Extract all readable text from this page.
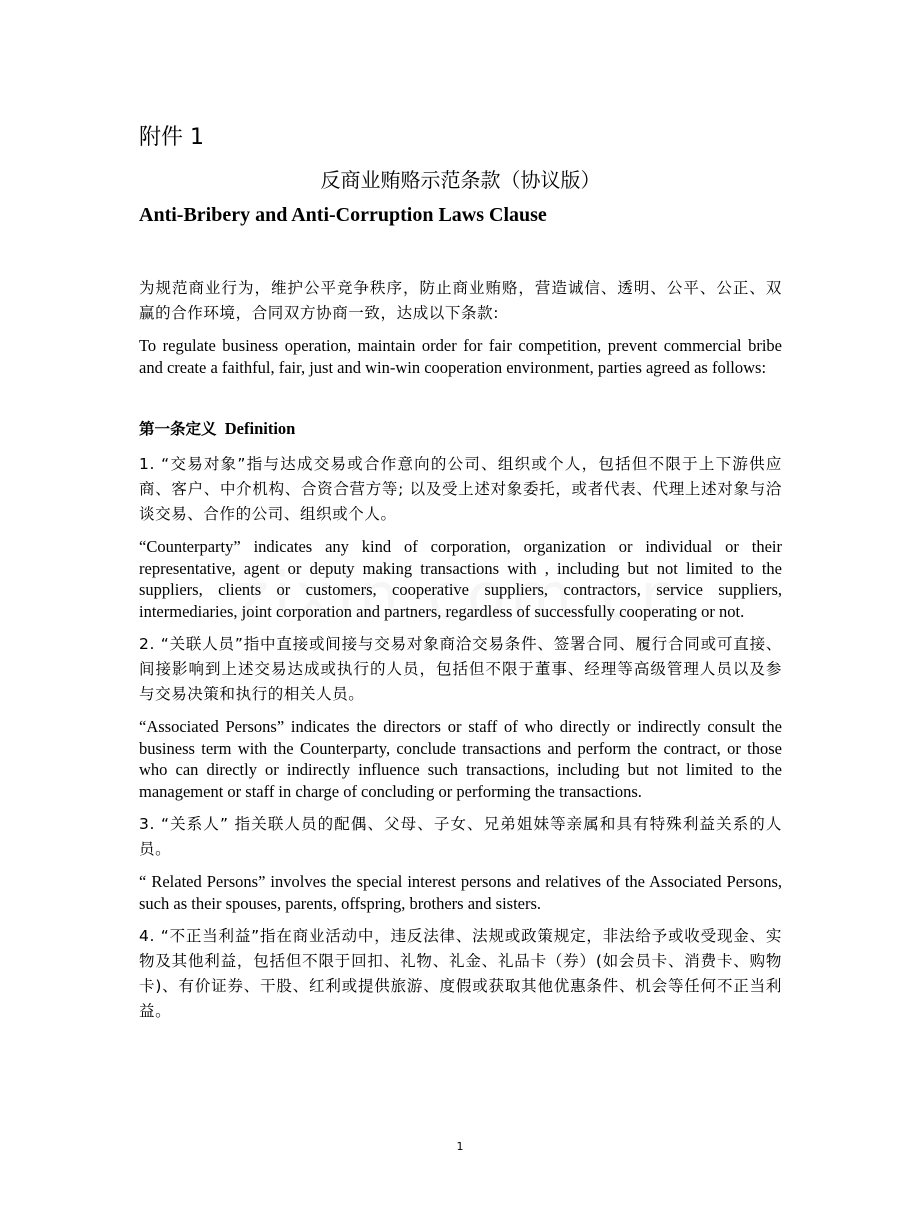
附件 1
反商业贿赂示范条款（协议版）
Anti-Bribery and Anti-Corruption Laws Clause

为规范商业行为，维护公平竞争秩序，防止商业贿赂，营造诚信、透明、公平、公正、双赢的合作环境，合同双方协商一致，达成以下条款:

To regulate business operation, maintain order for fair competition, prevent commercial bribe and create a faithful, fair, just and win-win cooperation environment, parties agreed as follows:

第一条定义 Definition

1. “交易对象”指与达成交易或合作意向的公司、组织或个人，包括但不限于上下游供应商、客户、中介机构、合资合营方等; 以及受上述对象委托，或者代表、代理上述对象与洽谈交易、合作的公司、组织或个人。

“Counterparty” indicates any kind of corporation, organization or individual or their representative, agent or deputy making transactions with , including but not limited to the suppliers, clients or customers, cooperative suppliers, contractors, service suppliers, intermediaries, joint corporation and partners, regardless of successfully cooperating or not.

2. “关联人员”指中直接或间接与交易对象商洽交易条件、签署合同、履行合同或可直接、间接影响到上述交易达成或执行的人员，包括但不限于董事、经理等高级管理人员以及参与交易决策和执行的相关人员。

“Associated Persons” indicates the directors or staff of who directly or indirectly consult the business term with the Counterparty, conclude transactions and perform the contract, or those who can directly or indirectly influence such transactions, including but not limited to the management or staff in charge of concluding or performing the transactions.

3. “关系人” 指关联人员的配偶、父母、子女、兄弟姐妹等亲属和具有特殊利益关系的人员。

“ Related Persons” involves the special interest persons and relatives of the Associated Persons, such as their spouses, parents, offspring, brothers and sisters.

4. “不正当利益”指在商业活动中，违反法律、法规或政策规定，非法给予或收受现金、实物及其他利益，包括但不限于回扣、礼物、礼金、礼品卡（券）(如会员卡、消费卡、购物卡)、有价证券、干股、红利或提供旅游、度假或获取其他优惠条件、机会等任何不正当利益。

1
